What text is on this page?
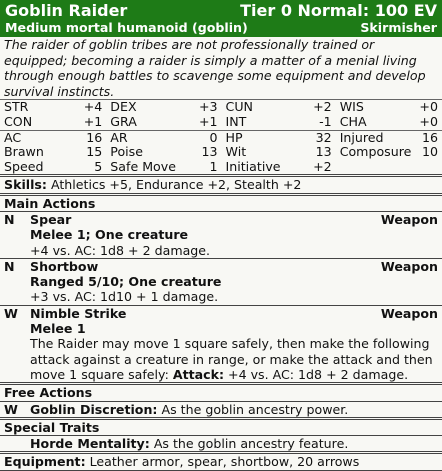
Goblin Raider	Tier 0 Normal: 100 EV
Medium mortal humanoid (goblin)	Skirmisher
The raider of goblin tribes are not professionally trained or equipped; becoming a raider is simply a matter of a menial living through enough battles to scavenge some equipment and develop survival instincts.
STR	+4	DEX	+3	CUN	+2	WIS	+0
CON	+1	GRA	+1	INT	-1	CHA	+0
AC	16	AR	0	HP	32	Injured	16
Brawn	15	Poise	13	Wit	13	Composure	10
Speed	5	Safe Move	1	Initiative	+2		
Skills: Athletics +5, Endurance +2, Stealth +2
Main Actions
N	Spear	Weapon
Melee 1; One creature
+4 vs. AC: 1d8 + 2 damage.
N	Shortbow	Weapon
Ranged 5/10; One creature
+3 vs. AC: 1d10 + 1 damage.
W Nimble Strike	Weapon
Melee 1
The Raider may move 1 square safely, then make the following
attack against a creature in range, or make the attack and then
move 1 square safely: Attack: +4 vs. AC: 1d8 + 2 damage.
Free Actions
W Goblin Discretion: As the goblin ancestry power.
Special Traits
Horde Mentality: As the goblin ancestry feature.
Equipment: Leather armor, spear, shortbow, 20 arrows
